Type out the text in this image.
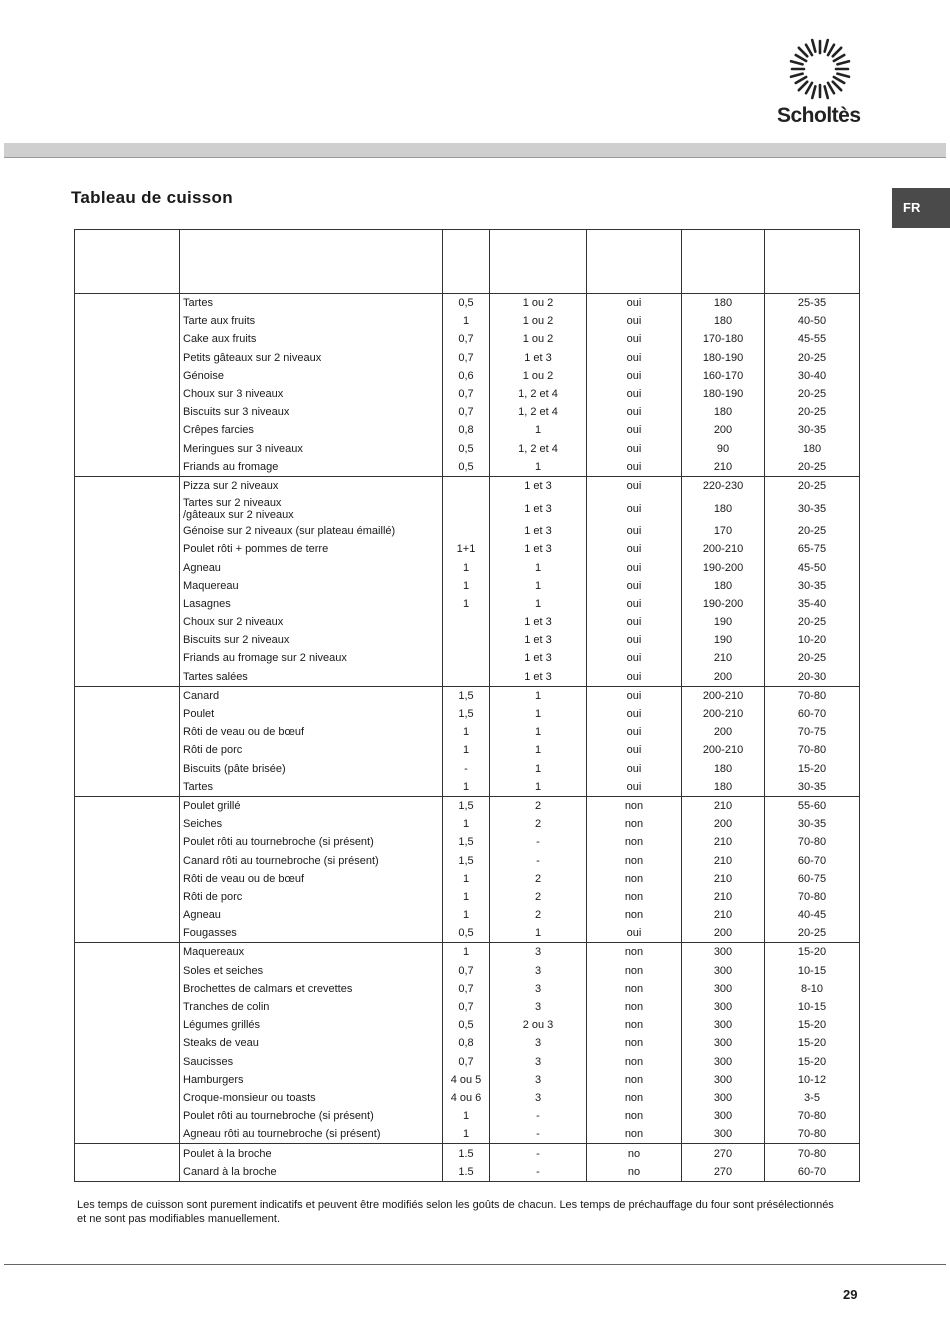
Scholtès
Tableau de cuisson
FR

	Tartes	0,5	1 ou 2	oui	180	25-35
	Tarte aux fruits	1	1 ou 2	oui	180	40-50
	Cake aux fruits	0,7	1 ou 2	oui	170-180	45-55
	Petits gâteaux sur 2 niveaux	0,7	1 et 3	oui	180-190	20-25
	Génoise	0,6	1 ou 2	oui	160-170	30-40
	Choux sur 3 niveaux	0,7	1, 2 et 4	oui	180-190	20-25
	Biscuits sur 3 niveaux	0,7	1, 2 et 4	oui	180	20-25
	Crêpes farcies	0,8	1	oui	200	30-35
	Meringues sur 3 niveaux	0,5	1, 2 et 4	oui	90	180
	Friands au fromage	0,5	1	oui	210	20-25
	Pizza sur 2 niveaux		1 et 3	oui	220-230	20-25
	Tartes sur 2 niveaux
/gâteaux sur 2 niveaux		1 et 3	oui	180	30-35
	Génoise sur 2 niveaux (sur plateau émaillé)		1 et 3	oui	170	20-25
	Poulet rôti + pommes de terre	1+1	1 et 3	oui	200-210	65-75
	Agneau	1	1	oui	190-200	45-50
	Maquereau	1	1	oui	180	30-35
	Lasagnes	1	1	oui	190-200	35-40
	Choux sur 2 niveaux		1 et 3	oui	190	20-25
	Biscuits sur 2 niveaux		1 et 3	oui	190	10-20
	Friands au fromage sur 2 niveaux		1 et 3	oui	210	20-25
	Tartes salées		1 et 3	oui	200	20-30
	Canard	1,5	1	oui	200-210	70-80
	Poulet	1,5	1	oui	200-210	60-70
	Rôti de veau ou de bœuf	1	1	oui	200	70-75
	Rôti de porc	1	1	oui	200-210	70-80
	Biscuits (pâte brisée)	-	1	oui	180	15-20
	Tartes	1	1	oui	180	30-35
	Poulet grillé	1,5	2	non	210	55-60
	Seiches	1	2	non	200	30-35
	Poulet rôti au tournebroche (si présent)	1,5	-	non	210	70-80
	Canard rôti au tournebroche (si présent)	1,5	-	non	210	60-70
	Rôti de veau ou de bœuf	1	2	non	210	60-75
	Rôti de porc	1	2	non	210	70-80
	Agneau	1	2	non	210	40-45
	Fougasses	0,5	1	oui	200	20-25
	Maquereaux	1	3	non	300	15-20
	Soles et seiches	0,7	3	non	300	10-15
	Brochettes de calmars et crevettes	0,7	3	non	300	8-10
	Tranches de colin	0,7	3	non	300	10-15
	Légumes grillés	0,5	2 ou 3	non	300	15-20
	Steaks de veau	0,8	3	non	300	15-20
	Saucisses	0,7	3	non	300	15-20
	Hamburgers	4 ou 5	3	non	300	10-12
	Croque-monsieur ou toasts	4 ou 6	3	non	300	3-5
	Poulet rôti au tournebroche (si présent)	1	-	non	300	70-80
	Agneau rôti au tournebroche (si présent)	1	-	non	300	70-80
	Poulet à la broche	1.5	-	no	270	70-80
	Canard à la broche	1.5	-	no	270	60-70
Les temps de cuisson sont purement indicatifs et peuvent être modifiés selon les goûts de chacun. Les temps de préchauffage du four sont présélectionnés et ne sont pas modifiables manuellement.
29
